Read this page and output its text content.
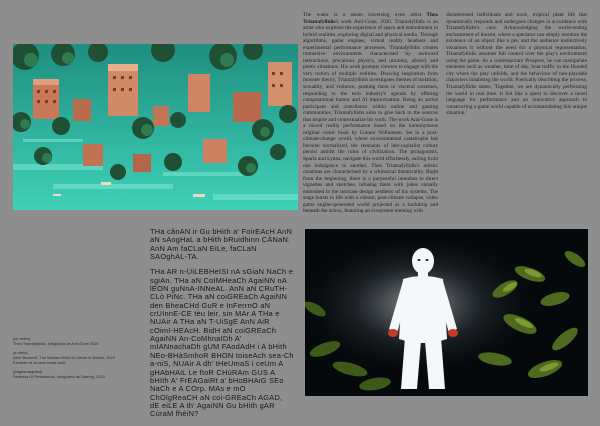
The water is a steam traversing even artist Theo Triantafyllidis's work Anti-Gone, 2020. Triantafyllidis is an artist who explores the experience of space and embodiment in hybrid realities, exploring digital and physical media. Through algorithms, game engines, virtual reality headsets and experimental performance processes, Triantafyllidis creates immersive environments characterised by awkward interactions, precarious physics, and uncanny, absurd, and poetic situations. His work prompts viewers to engage with the very notion of multiple realities. Drawing inspiration from monster theory, Triantafyllidis investigates themes of isolation, sexuality, and violence, pushing them to visceral extremes, responding to the tech industry's agenda by offering computational humor and AI improvisation. Being an active participant and contributor within online and gaming communities, Triantafyllidis aims to give back to the sources that inspire and contextualize his work. The work Anti-Gone is a mixed reality performance based on the homonymous original comic book by Connor Willumsen. Set in a post-climate-change world, where environmental catastrophe has become normalized, the remnants of late-capitalist culture persist amidst the ruins of civilization. The protagonists, Sparla and Lynna, navigate this world effortlessly, sailing from one indulgence to another. Theo Triantafyllidis's artistic creations are characterised by a whimsical theatricality. Right from the beginning, there is a purposeful intention to direct vignettes and sketches, infusing them with jokes visually embodied in the intricate design aesthetic of his systems. The stage bursts to life with a vibrant, post-climate collapse, video game engine-generated world projected as a backdrop and beneath the actors, featuring an ecosystem teeming with
disinterested individuals and toxic, tropical plant life that dynamically responds and undergoes changes in accordance with Triantafyllidis's cues. Acknowledging the world-ending enchantment of theatre, where a spectator can simply mention the existence of an object like a pie, and the audience instinctively visualises it without the need for a physical representation, Triantafyllidis assumes full control over the play's environment using the game. As a contemporary Prospero, he can manipulate elements such as weather, time of day, boat traffic in the flooded city where the play unfolds, and the behaviour of non-playable characters inhabiting the world. Poetically describing the process, Triantafyllidis states, 'Together, we are dynamically performing the world in real time. It felt like a quest to discover a novel language for performance and an innovative approach to constructing a game world capable of accommodating this unique situation.'

THa cânAN ir Gu bHith a' FoirEAcH AnN aN sAogHaL a bHith bRuidhinn CÀNaN. AnN Am faCLaN EiLe, faCLaN SAOghAL-TA.

THa AR n-UiLEBHeISI nA sGiaN NaCh e sgiAn. THa aN CoIMHeaCh AgaiNN nA lEON guNnA-INNeAL. AnN aN CRuTH-CLò PiNc. THa aN coiGREaCh AgaiNN den BheaCHd GuR e InFerrnO aN crUInnE-CE tèu leir, sin MAr A THa e NUAir A THa aN T-UiSgE AnN AiR cOimI-HEAcH. BidH aN coiGREaCh AgaiNN An-CoMhnaIDh A' mIANnachaDh gUM FAodAdH i A bHith NEo-BHàSmhoR BHON toiseAch sea-Ch a-niS, NUAir A dh' tHeUmaS i ceUm A gHAbHAiL Le fIoR CHùRAm GUS A bHIth A' FrEAGaiRt a' bHoBHAiG SEo NaCh e A COrp. MAs e mO ChOlgReaCH aN coi-GREaCh AGAD, dE eiLE A th' AgaiNN Gu bHith gAR CùraM fhèiN?

(on video)
Theo Triantafyllidis, fotograma de Anti-Gone 2020
(a dreta)
Alice Bucknell, The Martian Word for World is Mother, 2023
Extracte de la seva instal·lació
(pàgina següent)
Federica Di Pietrantonio, fotograma de Dwinng, 2023
